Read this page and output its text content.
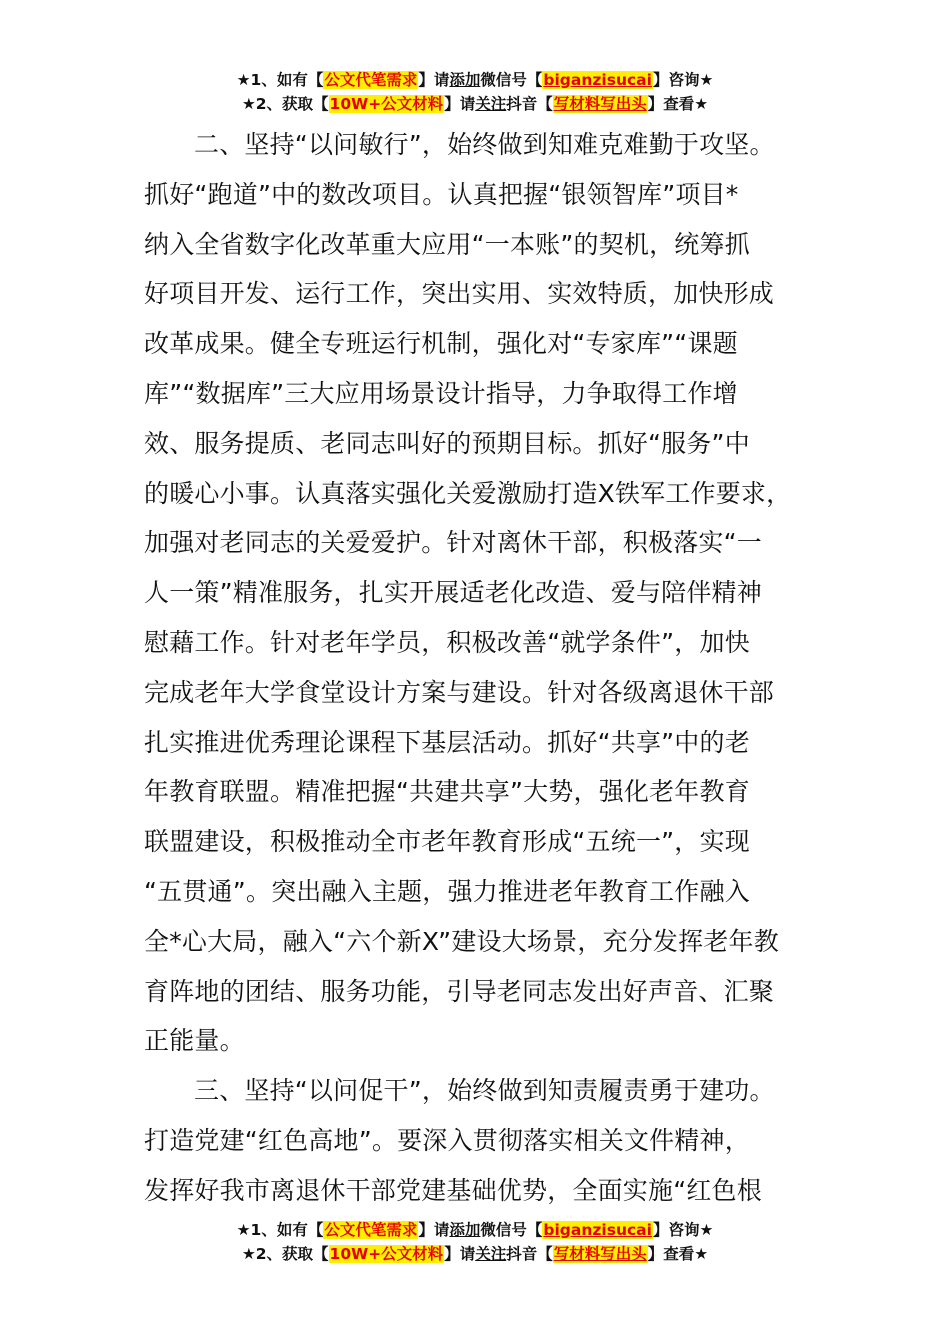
★1、如有【公文代笔需求】请添加微信号【biganzisucai】咨询★
★2、获取【10W+公文材料】请关注抖音【写材料写出头】查看★
二、坚持“以问敏行”，始终做到知难克难勤于攻坚。
抓好“跑道”中的数改项目。认真把握“银领智库”项目*
纳入全省数字化改革重大应用“一本账”的契机，统筹抓
好项目开发、运行工作，突出实用、实效特质，加快形成
改革成果。健全专班运行机制，强化对“专家库”“课题
库”“数据库”三大应用场景设计指导，力争取得工作增
效、服务提质、老同志叫好的预期目标。抓好“服务”中
的暖心小事。认真落实强化关爱激励打造X铁军工作要求，
加强对老同志的关爱爱护。针对离休干部，积极落实“一
人一策”精准服务，扎实开展适老化改造、爱与陪伴精神
慰藉工作。针对老年学员，积极改善“就学条件”，加快
完成老年大学食堂设计方案与建设。针对各级离退休干部
扎实推进优秀理论课程下基层活动。抓好“共享”中的老
年教育联盟。精准把握“共建共享”大势，强化老年教育
联盟建设，积极推动全市老年教育形成“五统一”，实现
“五贯通”。突出融入主题，强力推进老年教育工作融入
全*心大局，融入“六个新X”建设大场景，充分发挥老年教
育阵地的团结、服务功能，引导老同志发出好声音、汇聚
正能量。
三、坚持“以问促干”，始终做到知责履责勇于建功。
打造党建“红色高地”。要深入贯彻落实相关文件精神，
发挥好我市离退休干部党建基础优势，全面实施“红色根
★1、如有【公文代笔需求】请添加微信号【biganzisucai】咨询★
★2、获取【10W+公文材料】请关注抖音【写材料写出头】查看★
